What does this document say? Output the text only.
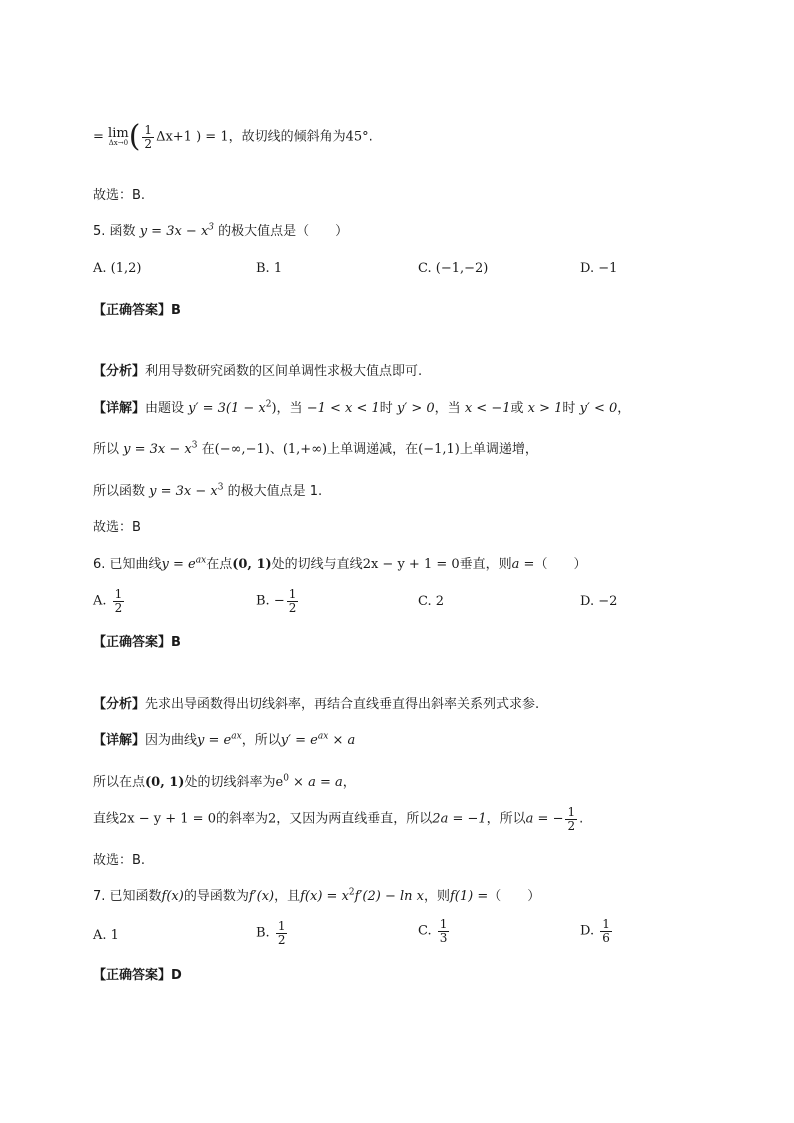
= lim
Δx→0 ( $\frac{1}{2} \Delta x+1$ ) = 1，故切线的倾斜角为45°.
故选：B.
5. 函数 $y = 3x - x^3$ 的极大值点是（　　）
A. (1,2)	B. 1	C. (−1,−2)	D. −1
【正确答案】B
【分析】利用导数研究函数的区间单调性求极大值点即可.
【详解】由题设 $y' = 3(1 - x^2)$，当 −1 < x < 1时 y′ > 0，当 x < −1或 x > 1时 y′ < 0，
所以 $y = 3x - x^3$ 在(−∞,−1)、(1,+∞)上单调递减，在(−1,1)上单调递增，
所以函数 $y = 3x - x^3$ 的极大值点是 1.
故选：B
6. 已知曲线$y = e^{ax}$在点(0, 1)处的切线与直线2x − y + 1 = 0垂直，则a =（　　）
A. $\frac{1}{2}$	B. − $\frac{1}{2}$	C. 2	D. −2
【正确答案】B
【分析】先求出导函数得出切线斜率，再结合直线垂直得出斜率关系列式求参.
【详解】因为曲线$y = e^{ax}$，所以$y' = e^{ax} \times a$
所以在点(0, 1)处的切线斜率为$e^0 \times a = a$，
直线2x − y + 1 = 0的斜率为2，又因为两直线垂直，所以2a = −1，所以a = − $\frac{1}{2}$ .
故选：B.
7. 已知函数f(x)的导函数为f′(x)，且$f(x) = x^2f'(2) - \ln x$，则f(1) =（　　）
A. 1	B. $\frac{1}{2}$	C. $\frac{1}{3}$	D. $\frac{1}{6}$
【正确答案】D
